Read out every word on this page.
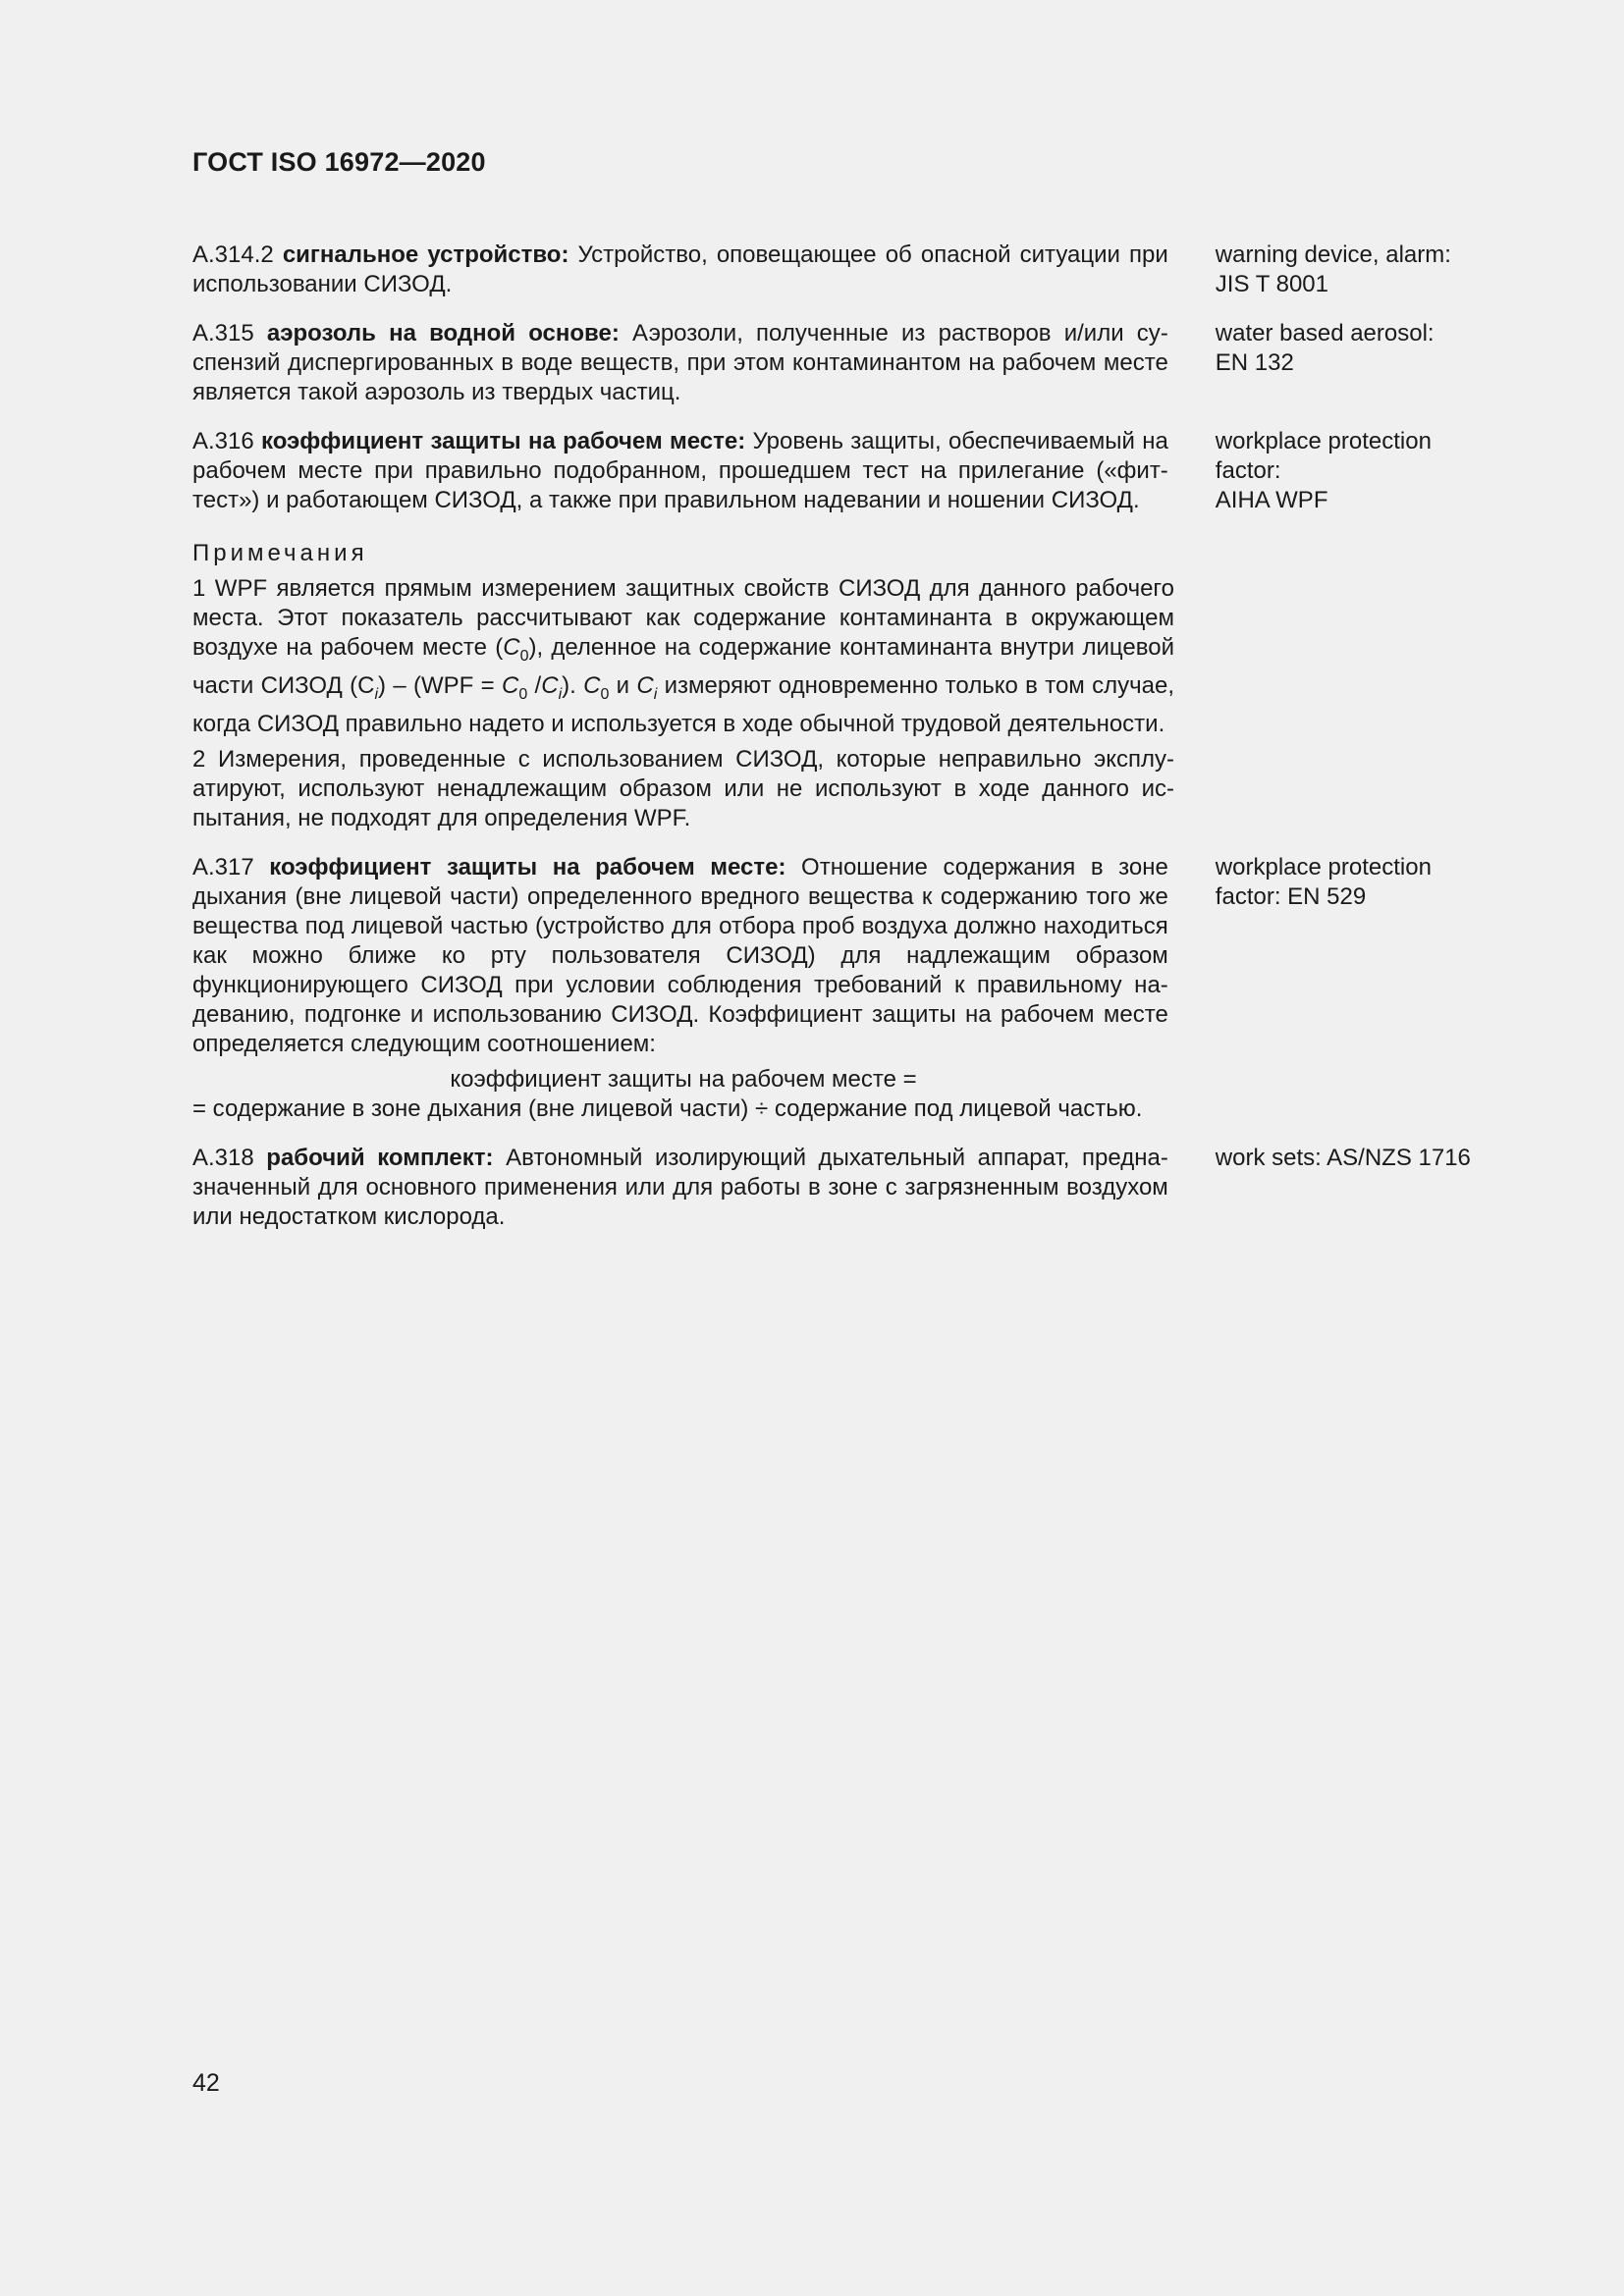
ГОСТ ISO 16972—2020
А.314.2 сигнальное устройство: Устройство, оповещающее об опасной ситуации при использовании СИЗОД.
warning device, alarm:
JIS T 8001
А.315 аэрозоль на водной основе: Аэрозоли, полученные из растворов и/или суспензий диспергированных в воде веществ, при этом контаминантом на рабочем месте является такой аэрозоль из твердых частиц.
water based aerosol:
EN 132
А.316 коэффициент защиты на рабочем месте: Уровень защиты, обеспечиваемый на рабочем месте при правильно подобранном, прошедшем тест на прилегание («фит-тест») и работающем СИЗОД, а также при правильном надевании и ношении СИЗОД.
workplace protection
factor:
AIHA WPF
Примечания
1 WPF является прямым измерением защитных свойств СИЗОД для данного рабочего места. Этот показатель рассчитывают как содержание контаминанта в окружающем воздухе на рабочем месте $(C_0)$, деленное на содержание контаминанта внутри лицевой части СИЗОД $(C_i) - (WPF = C_0$ $/C_i$). $C_0$ и $C_i$ измеряют одновременно только в том случае, когда СИЗОД правильно надето и используется в ходе обычной трудовой деятельности.
2 Измерения, проведенные с использованием СИЗОД, которые неправильно эксплуатируют, используют ненадлежащим образом или не используют в ходе данного испытания, не подходят для определения WPF.
А.317 коэффициент защиты на рабочем месте: Отношение содержания в зоне дыхания (вне лицевой части) определенного вредного вещества к содержанию того же вещества под лицевой частью (устройство для отбора проб воздуха должно находиться как можно ближе ко рту пользователя СИЗОД) для надлежащим образом функционирующего СИЗОД при условии соблюдения требований к правильному надеванию, подгонке и использованию СИЗОД. Коэффициент защиты на рабочем месте определяется следующим соотношением:
workplace protection
factor: EN 529
коэффициент защиты на рабочем месте =
= содержание в зоне дыхания (вне лицевой части) ÷ содержание под лицевой частью.
А.318 рабочий комплект: Автономный изолирующий дыхательный аппарат, предназначенный для основного применения или для работы в зоне с загрязненным воздухом или недостатком кислорода.
work sets: AS/NZS 1716
42
